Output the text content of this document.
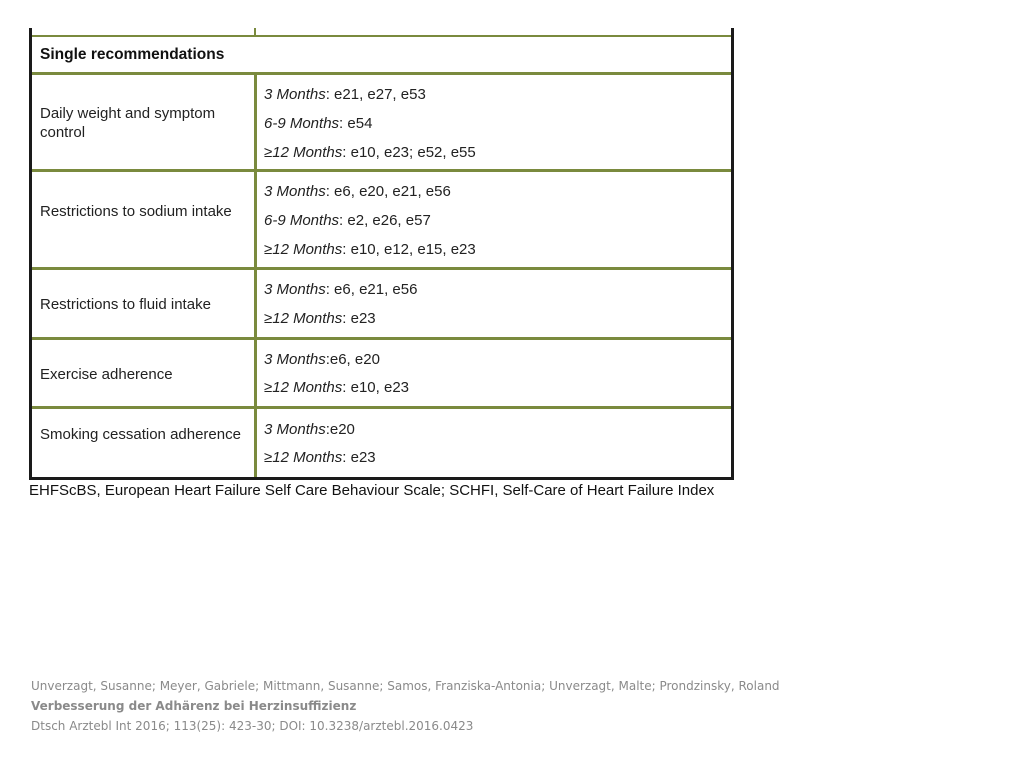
Single recommendations
Daily weight and symptom control
3 Months: e21, e27, e53
6-9 Months: e54
≥12 Months: e10, e23; e52, e55
Restrictions to sodium intake
3 Months: e6, e20, e21, e56
6-9 Months: e2, e26, e57
≥12 Months: e10, e12, e15, e23
Restrictions to fluid intake
3 Months: e6, e21, e56
≥12 Months: e23
Exercise adherence
3 Months:e6, e20
≥12 Months: e10, e23
Smoking cessation adherence 3 Months:e20
≥12 Months: e23
EHFScBS, European Heart Failure Self Care Behaviour Scale; SCHFI, Self-Care of Heart Failure Index
Unverzagt, Susanne; Meyer, Gabriele; Mittmann, Susanne; Samos, Franziska-Antonia; Unverzagt, Malte; Prondzinsky, Roland
Verbesserung der Adhärenz bei Herzinsuffizienz
Dtsch Arztebl Int 2016; 113(25): 423-30; DOI: 10.3238/arztebl.2016.0423
